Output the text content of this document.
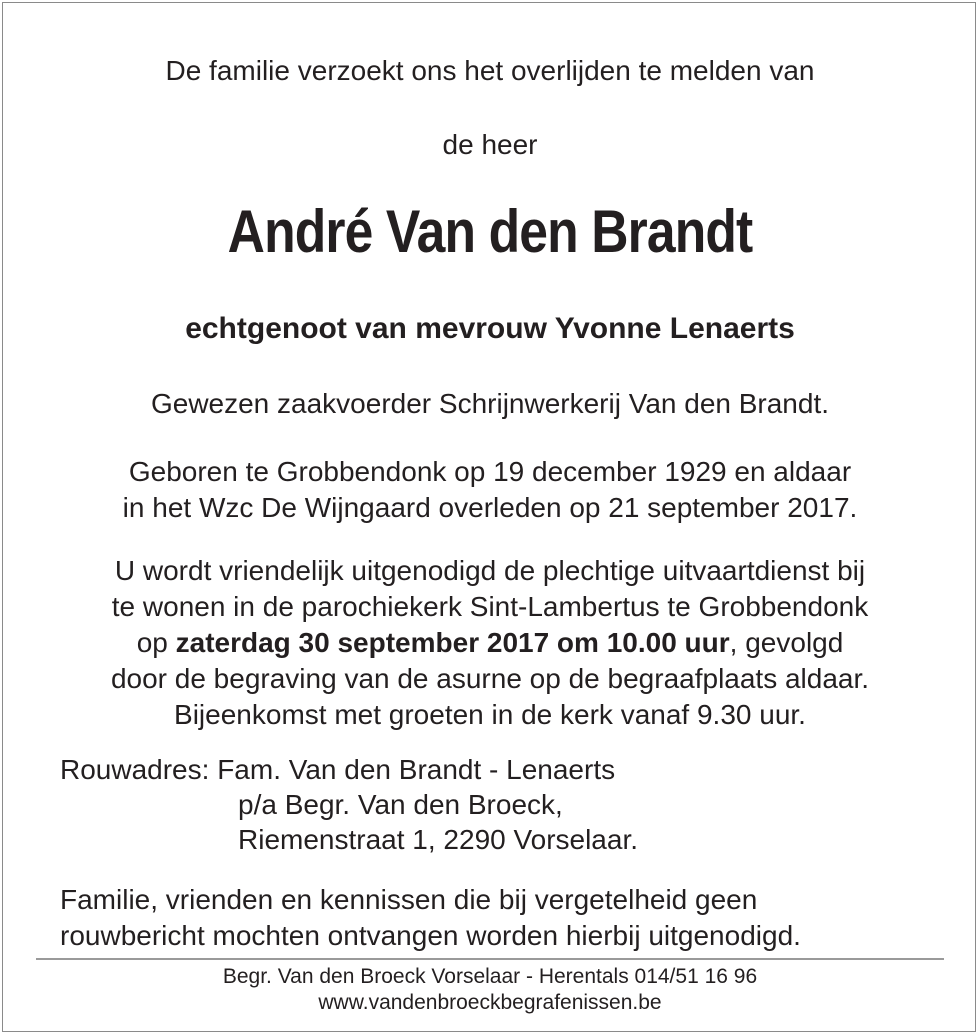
De familie verzoekt ons het overlijden te melden van
de heer
André Van den Brandt
echtgenoot van mevrouw Yvonne Lenaerts
Gewezen zaakvoerder Schrijnwerkerij Van den Brandt.
Geboren te Grobbendonk op 19 december 1929 en aldaar
in het Wzc De Wijngaard overleden op 21 september 2017.
U wordt vriendelijk uitgenodigd de plechtige uitvaartdienst bij
te wonen in de parochiekerk Sint-Lambertus te Grobbendonk
op zaterdag 30 september 2017 om 10.00 uur, gevolgd
door de begraving van de asurne op de begraafplaats aldaar.
Bijeenkomst met groeten in de kerk vanaf 9.30 uur.
Rouwadres: Fam. Van den Brandt - Lenaerts
p/a Begr. Van den Broeck,
Riemenstraat 1, 2290 Vorselaar.
Familie, vrienden en kennissen die bij vergetelheid geen
rouwbericht mochten ontvangen worden hierbij uitgenodigd.
Begr. Van den Broeck Vorselaar - Herentals 014/51 16 96
www.vandenbroeckbegrafenissen.be
